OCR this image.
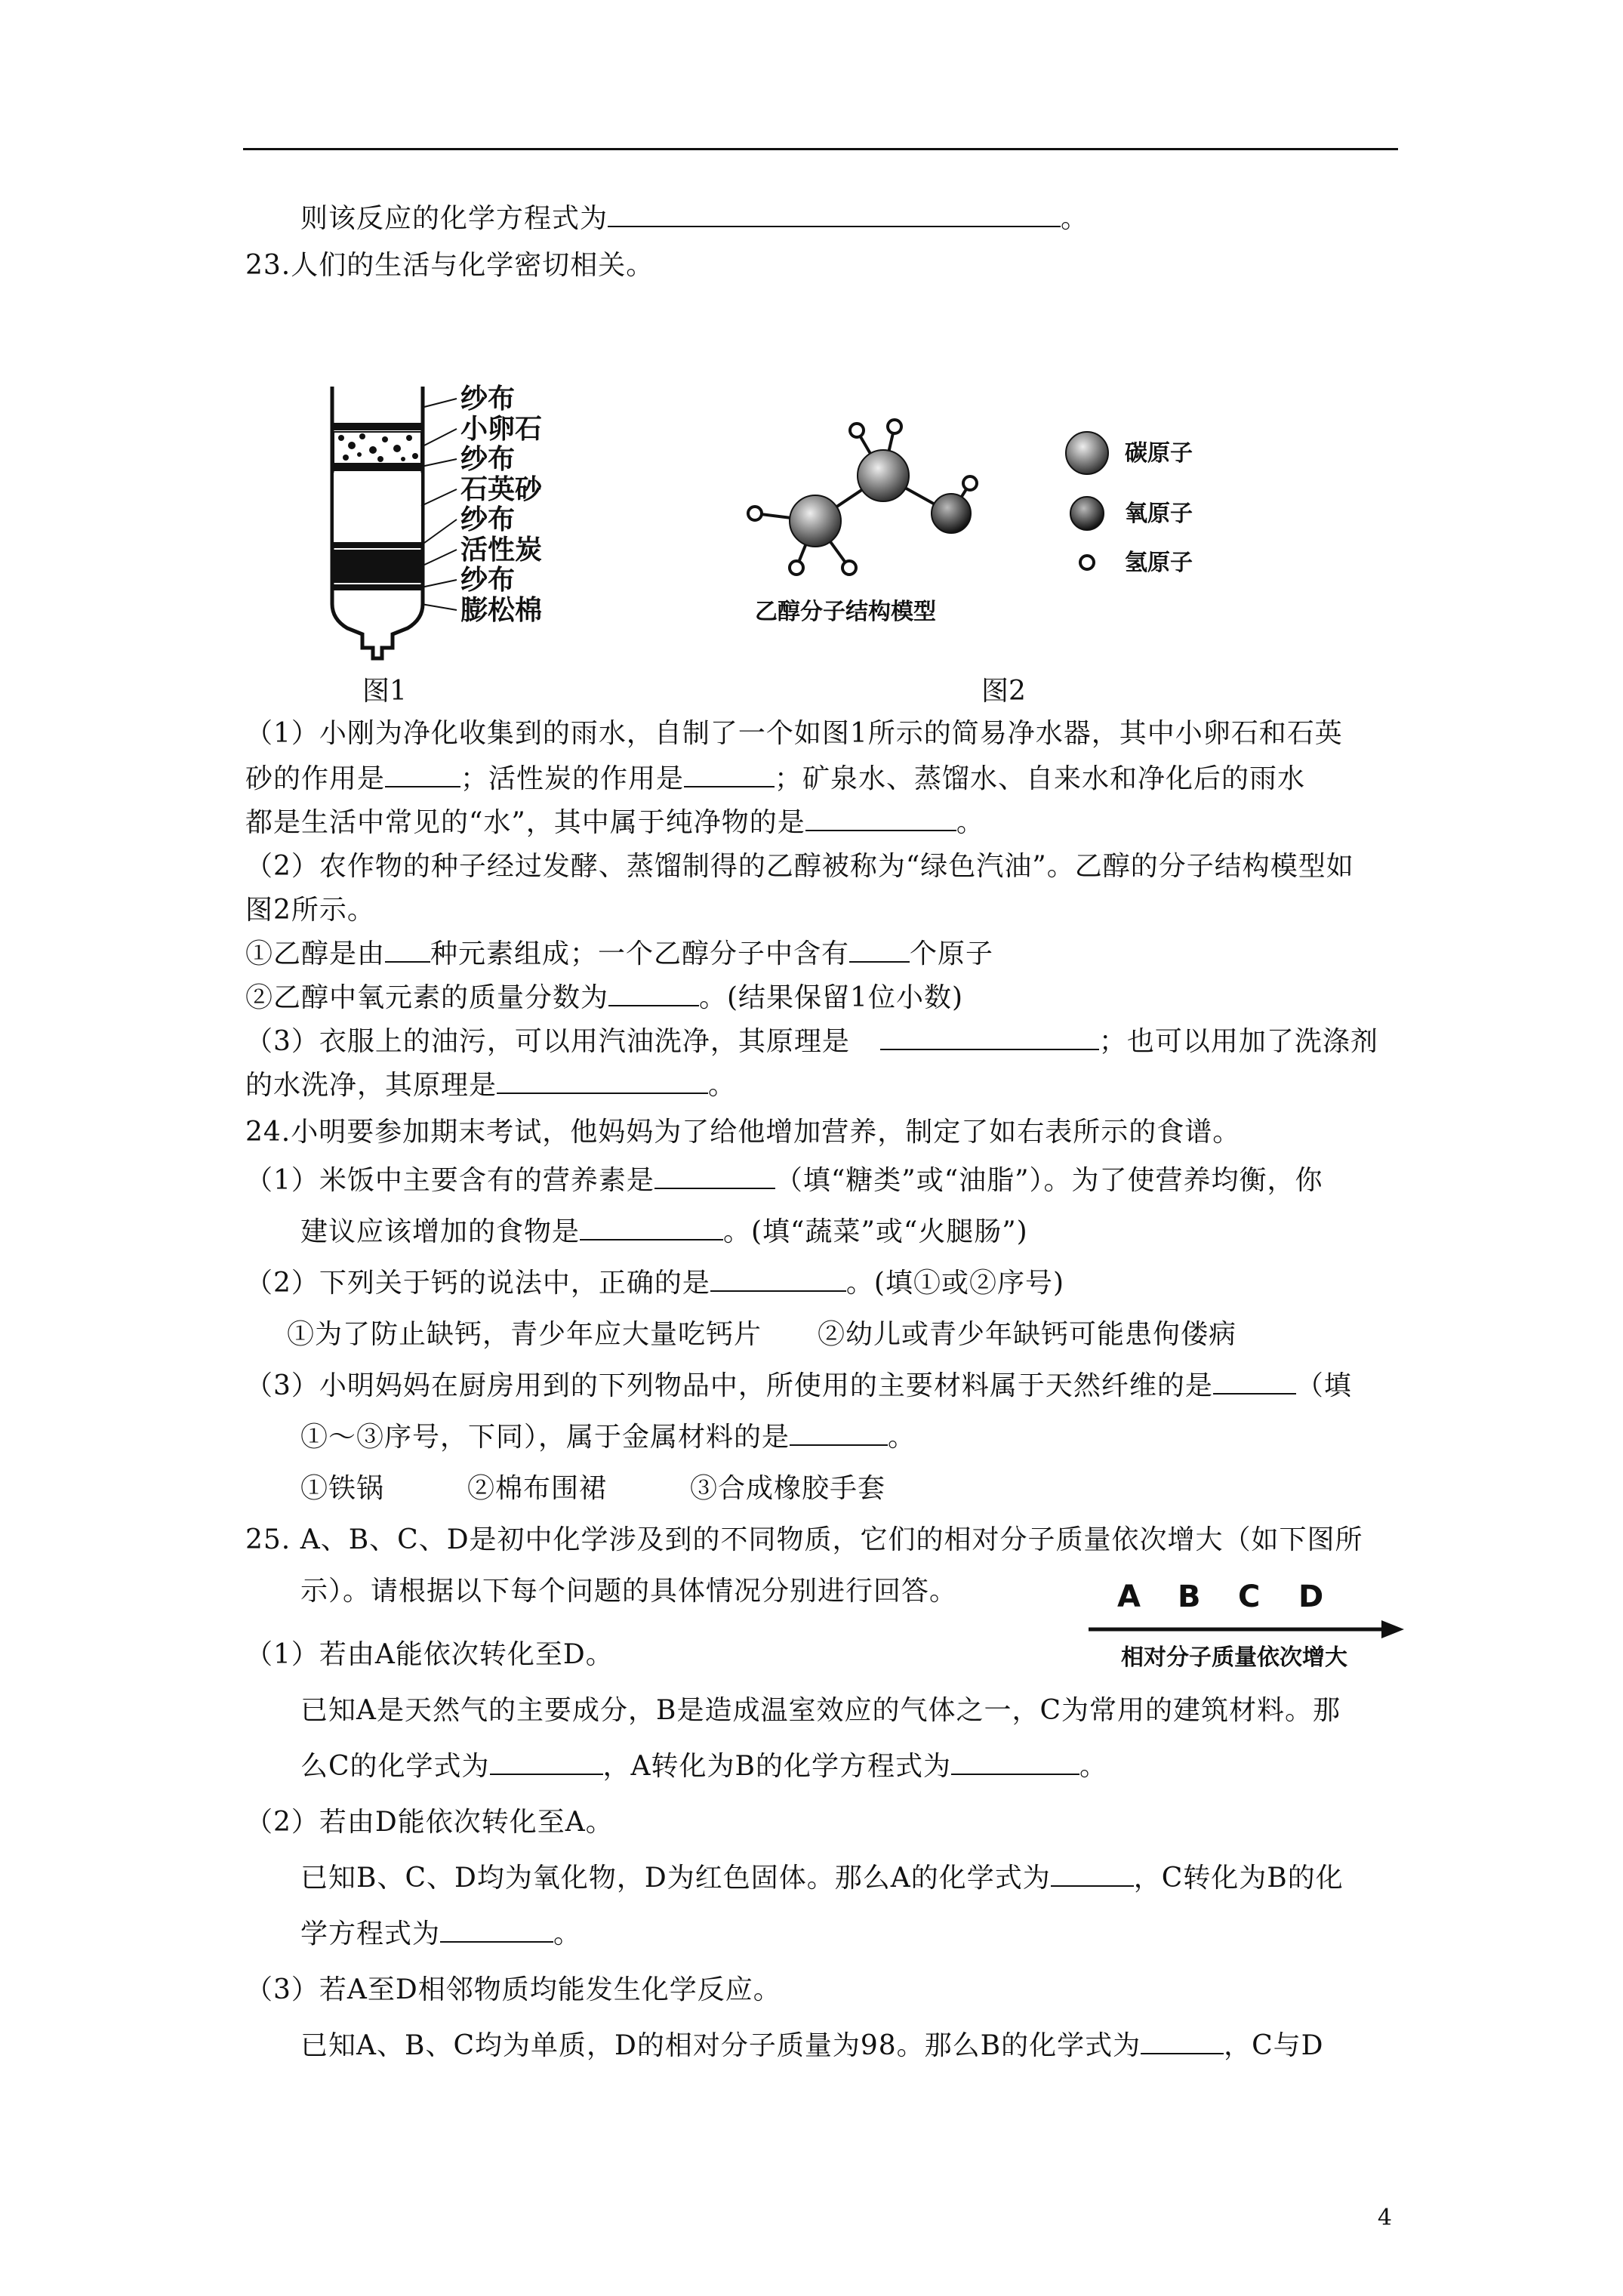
则该反应的化学方程式为	。
23.人们的生活与化学密切相关。
纱布
小卵石
纱布
石英砂
纱布
活性炭
纱布
膨松棉
图1
乙醇分子结构模型
碳原子
氧原子
氢原子
图2
（1）小刚为净化收集到的雨水，自制了一个如图1所示的简易净水器，其中小卵石和石英
砂的作用是	；活性炭的作用是	；矿泉水、蒸馏水、自来水和净化后的雨水
都是生活中常见的“水”，其中属于纯净物的是	。
（2）农作物的种子经过发酵、蒸馏制得的乙醇被称为“绿色汽油”。乙醇的分子结构模型如
图2所示。
①乙醇是由 种元素组成；一个乙醇分子中含有 个原子
②乙醇中氧元素的质量分数为	。(结果保留1位小数)
（3）衣服上的油污，可以用汽油洗净，其原理是	；也可以用加了洗涤剂
的水洗净，其原理是	。
24.小明要参加期末考试，他妈妈为了给他增加营养，制定了如右表所示的食谱。
（1）米饭中主要含有的营养素是	（填“糖类”或“油脂”）。为了使营养均衡，你
建议应该增加的食物是	。(填“蔬菜”或“火腿肠”)
（2）下列关于钙的说法中，正确的是	。(填①或②序号)
①为了防止缺钙，青少年应大量吃钙片　　②幼儿或青少年缺钙可能患佝偻病
（3）小明妈妈在厨房用到的下列物品中，所使用的主要材料属于天然纤维的是	（填
①～③序号，下同），属于金属材料的是	。
①铁锅	②棉布围裙	③合成橡胶手套
25. A、B、C、D是初中化学涉及到的不同物质，它们的相对分子质量依次增大（如下图所
示）。请根据以下每个问题的具体情况分别进行回答。	A B C D
相对分子质量依次增大
（1）若由A能依次转化至D。
已知A是天然气的主要成分，B是造成温室效应的气体之一，C为常用的建筑材料。那
么C的化学式为	，A转化为B的化学方程式为	。
（2）若由D能依次转化至A。
已知B、C、D均为氧化物，D为红色固体。那么A的化学式为	，C转化为B的化
学方程式为	。
（3）若A至D相邻物质均能发生化学反应。
已知A、B、C均为单质，D的相对分子质量为98。那么B的化学式为	，C与D
4
